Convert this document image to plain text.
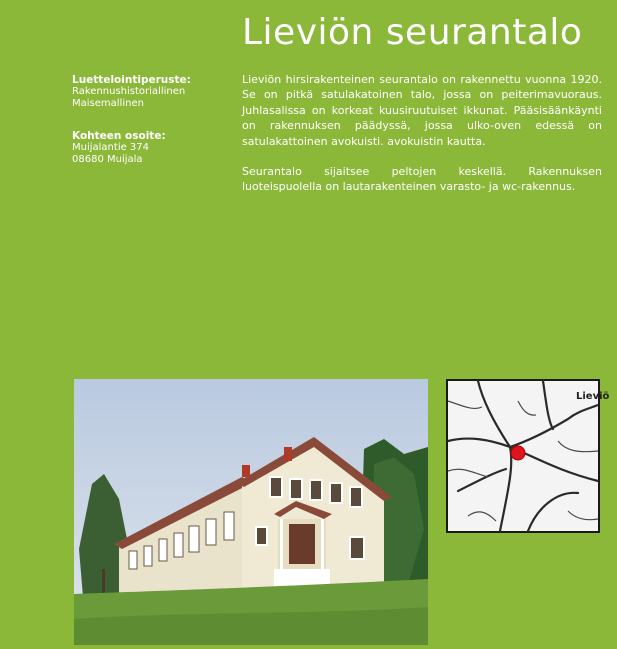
Lieviön seurantalo
Luettelointiperuste:
Rakennushistoriallinen
Maisemallinen
Kohteen osoite:
Muijalantie 374
08680 Muijala

Lieviön hirsirakenteinen seurantalo on rakennettu vuonna 1920. Se on pitkä satulakatoinen talo, jossa on peiterimavuoraus. Juhlasalissa on korkeat kuusiruutuiset ikkunat. Pääsisäänkäynti on rakennuksen päädyssä, jossa ulko-oven edessä on satulakattoinen avokuisti. avokuistin kautta.

Seurantalo sijaitsee peltojen keskellä. Rakennuksen luoteispuolella on lautarakenteinen varasto- ja wc-rakennus.

Lieviö
